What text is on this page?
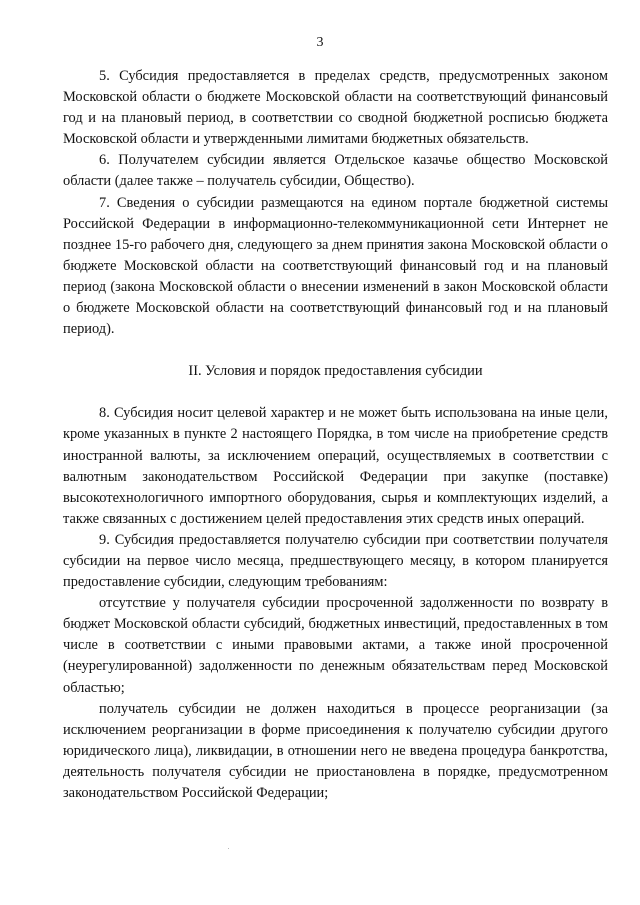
3

5. Субсидия предоставляется в пределах средств, предусмотренных законом Московской области о бюджете Московской области на соответствующий финансовый год и на плановый период, в соответствии со сводной бюджетной росписью бюджета Московской области и утвержденными лимитами бюджетных обязательств.

6. Получателем субсидии является Отдельское казачье общество Московской области (далее также – получатель субсидии, Общество).

7. Сведения о субсидии размещаются на едином портале бюджетной системы Российской Федерации в информационно-телекоммуникационной сети Интернет не позднее 15-го рабочего дня, следующего за днем принятия закона Московской области о бюджете Московской области на соответствующий финансовый год и на плановый период (закона Московской области о внесении изменений в закон Московской области о бюджете Московской области на соответствующий финансовый год и на плановый период).

II. Условия и порядок предоставления субсидии

8. Субсидия носит целевой характер и не может быть использована на иные цели, кроме указанных в пункте 2 настоящего Порядка, в том числе на приобретение средств иностранной валюты, за исключением операций, осуществляемых в соответствии с валютным законодательством Российской Федерации при закупке (поставке) высокотехнологичного импортного оборудования, сырья и комплектующих изделий, а также связанных с достижением целей предоставления этих средств иных операций.

9. Субсидия предоставляется получателю субсидии при соответствии получателя субсидии на первое число месяца, предшествующего месяцу, в котором планируется предоставление субсидии, следующим требованиям:

отсутствие у получателя субсидии просроченной задолженности по возврату в бюджет Московской области субсидий, бюджетных инвестиций, предоставленных в том числе в соответствии с иными правовыми актами, а также иной просроченной (неурегулированной) задолженности по денежным обязательствам перед Московской областью;

получатель субсидии не должен находиться в процессе реорганизации (за исключением реорганизации в форме присоединения к получателю субсидии другого юридического лица), ликвидации, в отношении него не введена процедура банкротства, деятельность получателя субсидии не приостановлена в порядке, предусмотренном законодательством Российской Федерации;
